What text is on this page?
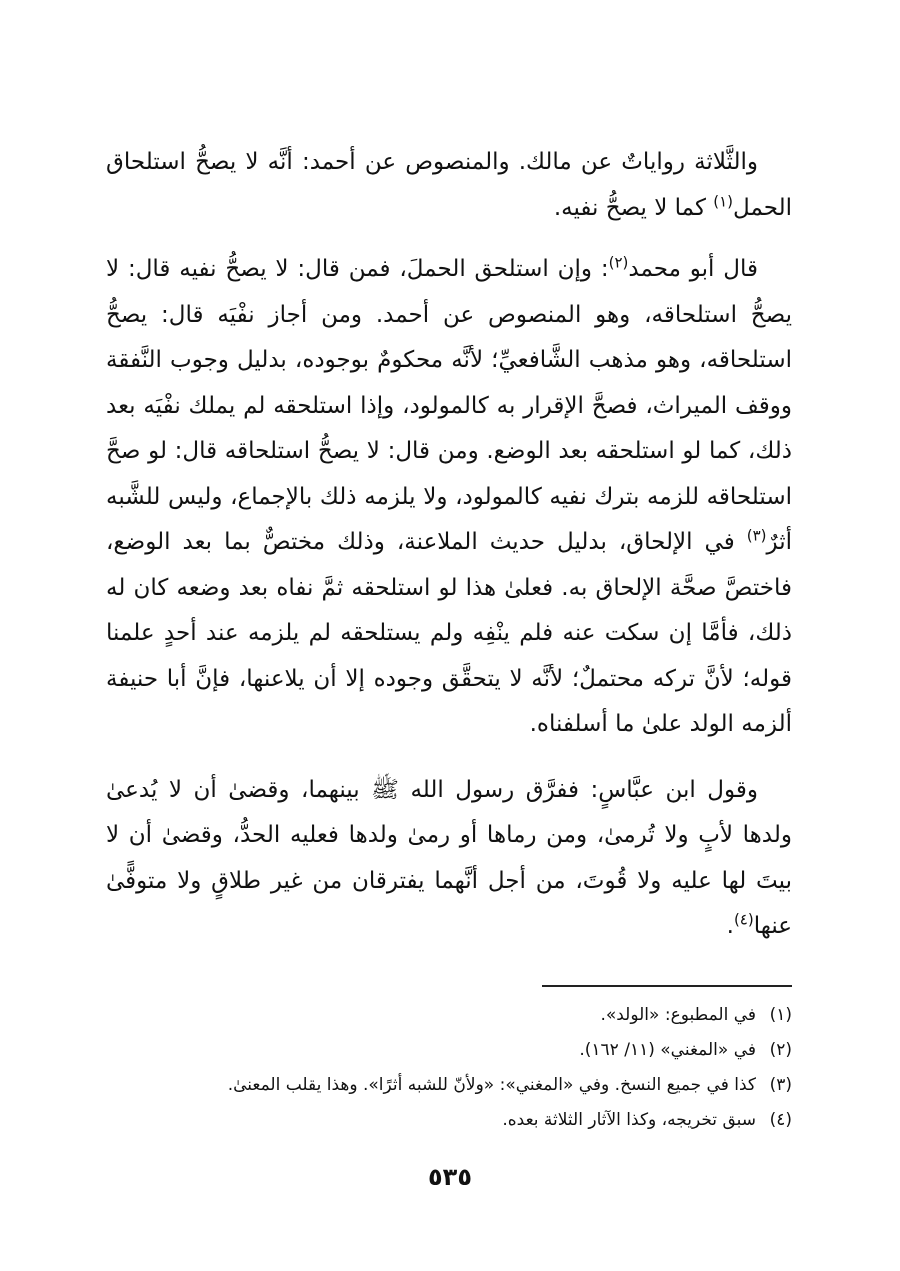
والثَّلاثة رواياتٌ عن مالك. والمنصوص عن أحمد: أنَّه لا يصحُّ استلحاق الحمل$^{(١)}$ كما لا يصحُّ نفيه.

قال أبو محمد$^{(٢)}$: وإن استلحق الحملَ، فمن قال: لا يصحُّ نفيه قال: لا يصحُّ استلحاقه، وهو المنصوص عن أحمد. ومن أجاز نفْيَه قال: يصحُّ استلحاقه، وهو مذهب الشَّافعيِّ؛ لأنَّه محكومٌ بوجوده، بدليل وجوب النَّفقة ووقف الميراث، فصحَّ الإقرار به كالمولود، وإذا استلحقه لم يملك نفْيَه بعد ذلك، كما لو استلحقه بعد الوضع. ومن قال: لا يصحُّ استلحاقه قال: لو صحَّ استلحاقه للزمه بترك نفيه كالمولود، ولا يلزمه ذلك بالإجماع، وليس للشَّبه أثرٌ$^{(٣)}$ في الإلحاق، بدليل حديث الملاعنة، وذلك مختصٌّ بما بعد الوضع، فاختصَّ صحَّة الإلحاق به. فعلىٰ هذا لو استلحقه ثمَّ نفاه بعد وضعه كان له ذلك، فأمَّا إن سكت عنه فلم ينْفِه ولم يستلحقه لم يلزمه عند أحدٍ علمنا قوله؛ لأنَّ تركه محتملٌ؛ لأنَّه لا يتحقَّق وجوده إلا أن يلاعنها، فإنَّ أبا حنيفة ألزمه الولد علىٰ ما أسلفناه.

وقول ابن عبَّاسٍ: ففرَّق رسول الله ﷺ بينهما، وقضىٰ أن لا يُدعىٰ ولدها لأبٍ ولا تُرمىٰ، ومن رماها أو رمىٰ ولدها فعليه الحدُّ، وقضىٰ أن لا بيتَ لها عليه ولا قُوتَ، من أجل أنَّهما يفترقان من غير طلاقٍ ولا متوفًّىٰ عنها$^{(٤)}$.

(١)في المطبوع: «الولد».
(٢)في «المغني» (١١/ ١٦٢).
(٣)كذا في جميع النسخ. وفي «المغني»: «ولأنّ للشبه أثرًا». وهذا يقلب المعنىٰ.
(٤)سبق تخريجه، وكذا الآثار الثلاثة بعده.
٥٣٥
